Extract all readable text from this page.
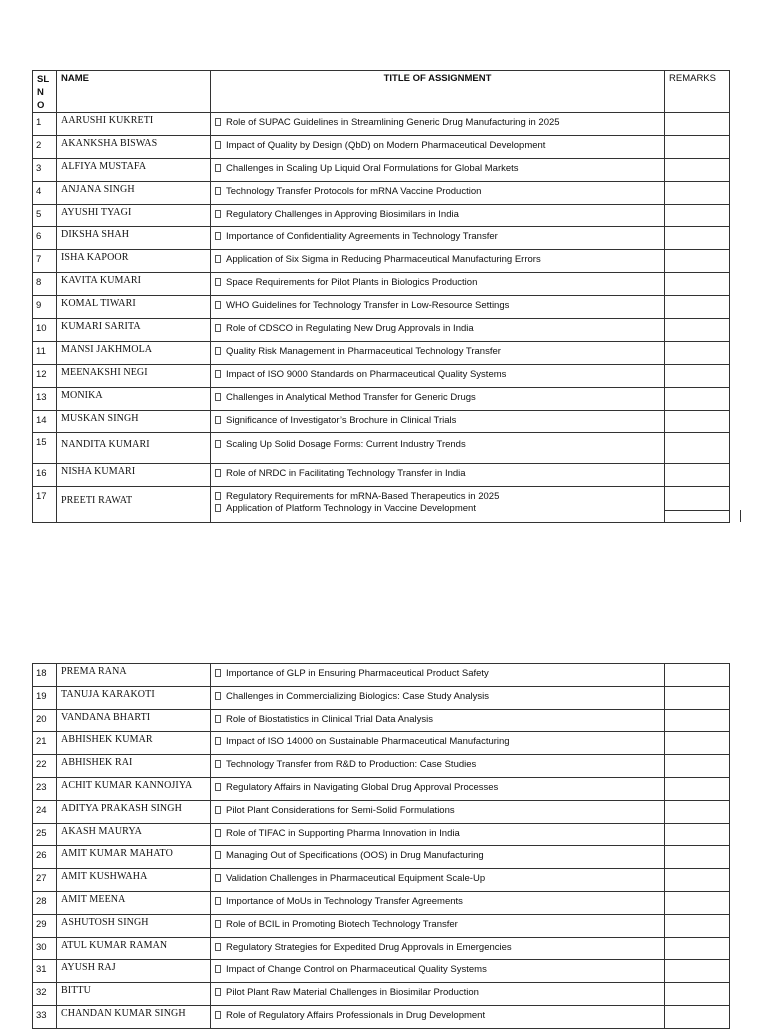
SL N O	NAME	TITLE OF ASSIGNMENT	REMARKS
1	AARUSHI KUKRETI	Role of SUPAC Guidelines in Streamlining Generic Drug Manufacturing in 2025	

2	AKANKSHA BISWAS	Impact of Quality by Design (QbD) on Modern Pharmaceutical Development	

3	ALFIYA MUSTAFA	Challenges in Scaling Up Liquid Oral Formulations for Global Markets	

4	ANJANA SINGH	Technology Transfer Protocols for mRNA Vaccine Production	

5	AYUSHI TYAGI	Regulatory Challenges in Approving Biosimilars in India	

6	DIKSHA SHAH	Importance of Confidentiality Agreements in Technology Transfer	

7	ISHA KAPOOR	Application of Six Sigma in Reducing Pharmaceutical Manufacturing Errors	

8	KAVITA KUMARI	Space Requirements for Pilot Plants in Biologics Production	

9	KOMAL TIWARI	WHO Guidelines for Technology Transfer in Low-Resource Settings	

10	KUMARI SARITA	Role of CDSCO in Regulating New Drug Approvals in India	

11	MANSI JAKHMOLA	Quality Risk Management in Pharmaceutical Technology Transfer	

12	MEENAKSHI NEGI	Impact of ISO 9000 Standards on Pharmaceutical Quality Systems	

13	MONIKA	Challenges in Analytical Method Transfer for Generic Drugs	

14	MUSKAN SINGH	Significance of Investigator’s Brochure in Clinical Trials	

15	NANDITA KUMARI	Scaling Up Solid Dosage Forms: Current Industry Trends	

16	NISHA KUMARI	Role of NRDC in Facilitating Technology Transfer in India	

17	PREETI RAWAT	Regulatory Requirements for mRNA-Based Therapeutics in 2025
Application of Platform Technology in Vaccine Development	

18	PREMA RANA	Importance of GLP in Ensuring Pharmaceutical Product Safety	

19	TANUJA KARAKOTI	Challenges in Commercializing Biologics: Case Study Analysis	

20	VANDANA BHARTI	Role of Biostatistics in Clinical Trial Data Analysis	

21	ABHISHEK KUMAR	Impact of ISO 14000 on Sustainable Pharmaceutical Manufacturing	

22	ABHISHEK RAI	Technology Transfer from R&D to Production: Case Studies	

23	ACHIT KUMAR KANNOJIYA	Regulatory Affairs in Navigating Global Drug Approval Processes	

24	ADITYA PRAKASH SINGH	Pilot Plant Considerations for Semi-Solid Formulations	

25	AKASH MAURYA	Role of TIFAC in Supporting Pharma Innovation in India	

26	AMIT KUMAR MAHATO	Managing Out of Specifications (OOS) in Drug Manufacturing	

27	AMIT KUSHWAHA	Validation Challenges in Pharmaceutical Equipment Scale-Up	

28	AMIT MEENA	Importance of MoUs in Technology Transfer Agreements	

29	ASHUTOSH SINGH	Role of BCIL in Promoting Biotech Technology Transfer	

30	ATUL KUMAR RAMAN	Regulatory Strategies for Expedited Drug Approvals in Emergencies	

31	AYUSH RAJ	Impact of Change Control on Pharmaceutical Quality Systems	

32	BITTU	Pilot Plant Raw Material Challenges in Biosimilar Production	

33	CHANDAN KUMAR SINGH	Role of Regulatory Affairs Professionals in Drug Development	
